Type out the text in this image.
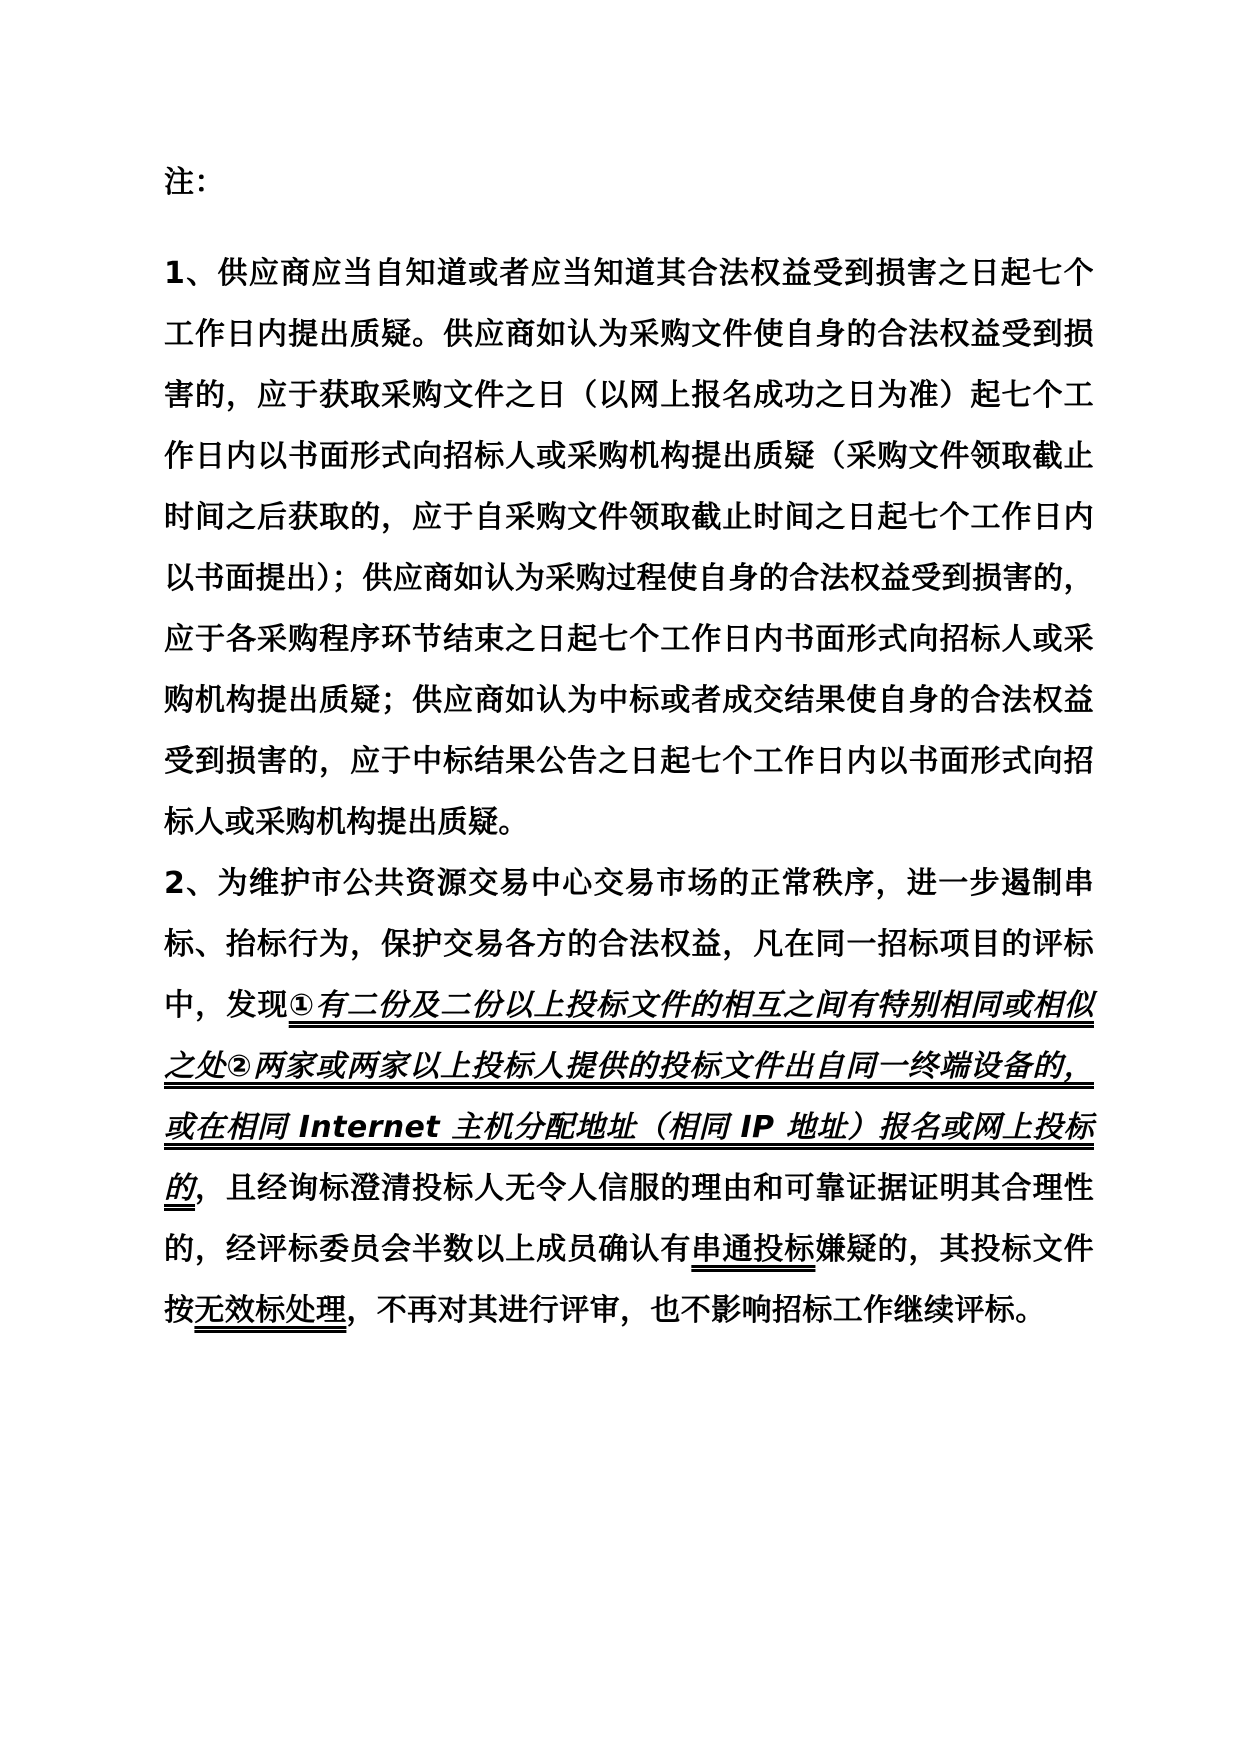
注：

1、供应商应当自知道或者应当知道其合法权益受到损害之日起七个工作日内提出质疑。供应商如认为采购文件使自身的合法权益受到损害的，应于获取采购文件之日（以网上报名成功之日为准）起七个工作日内以书面形式向招标人或采购机构提出质疑（采购文件领取截止时间之后获取的，应于自采购文件领取截止时间之日起七个工作日内以书面提出）；供应商如认为采购过程使自身的合法权益受到损害的，应于各采购程序环节结束之日起七个工作日内书面形式向招标人或采购机构提出质疑；供应商如认为中标或者成交结果使自身的合法权益受到损害的，应于中标结果公告之日起七个工作日内以书面形式向招标人或采购机构提出质疑。

2、为维护市公共资源交易中心交易市场的正常秩序，进一步遏制串标、抬标行为，保护交易各方的合法权益，凡在同一招标项目的评标中，发现①有二份及二份以上投标文件的相互之间有特别相同或相似之处②两家或两家以上投标人提供的投标文件出自同一终端设备的，或在相同 Internet 主机分配地址（相同 IP 地址）报名或网上投标的，且经询标澄清投标人无令人信服的理由和可靠证据证明其合理性的，经评标委员会半数以上成员确认有串通投标嫌疑的，其投标文件按无效标处理，不再对其进行评审，也不影响招标工作继续评标。
